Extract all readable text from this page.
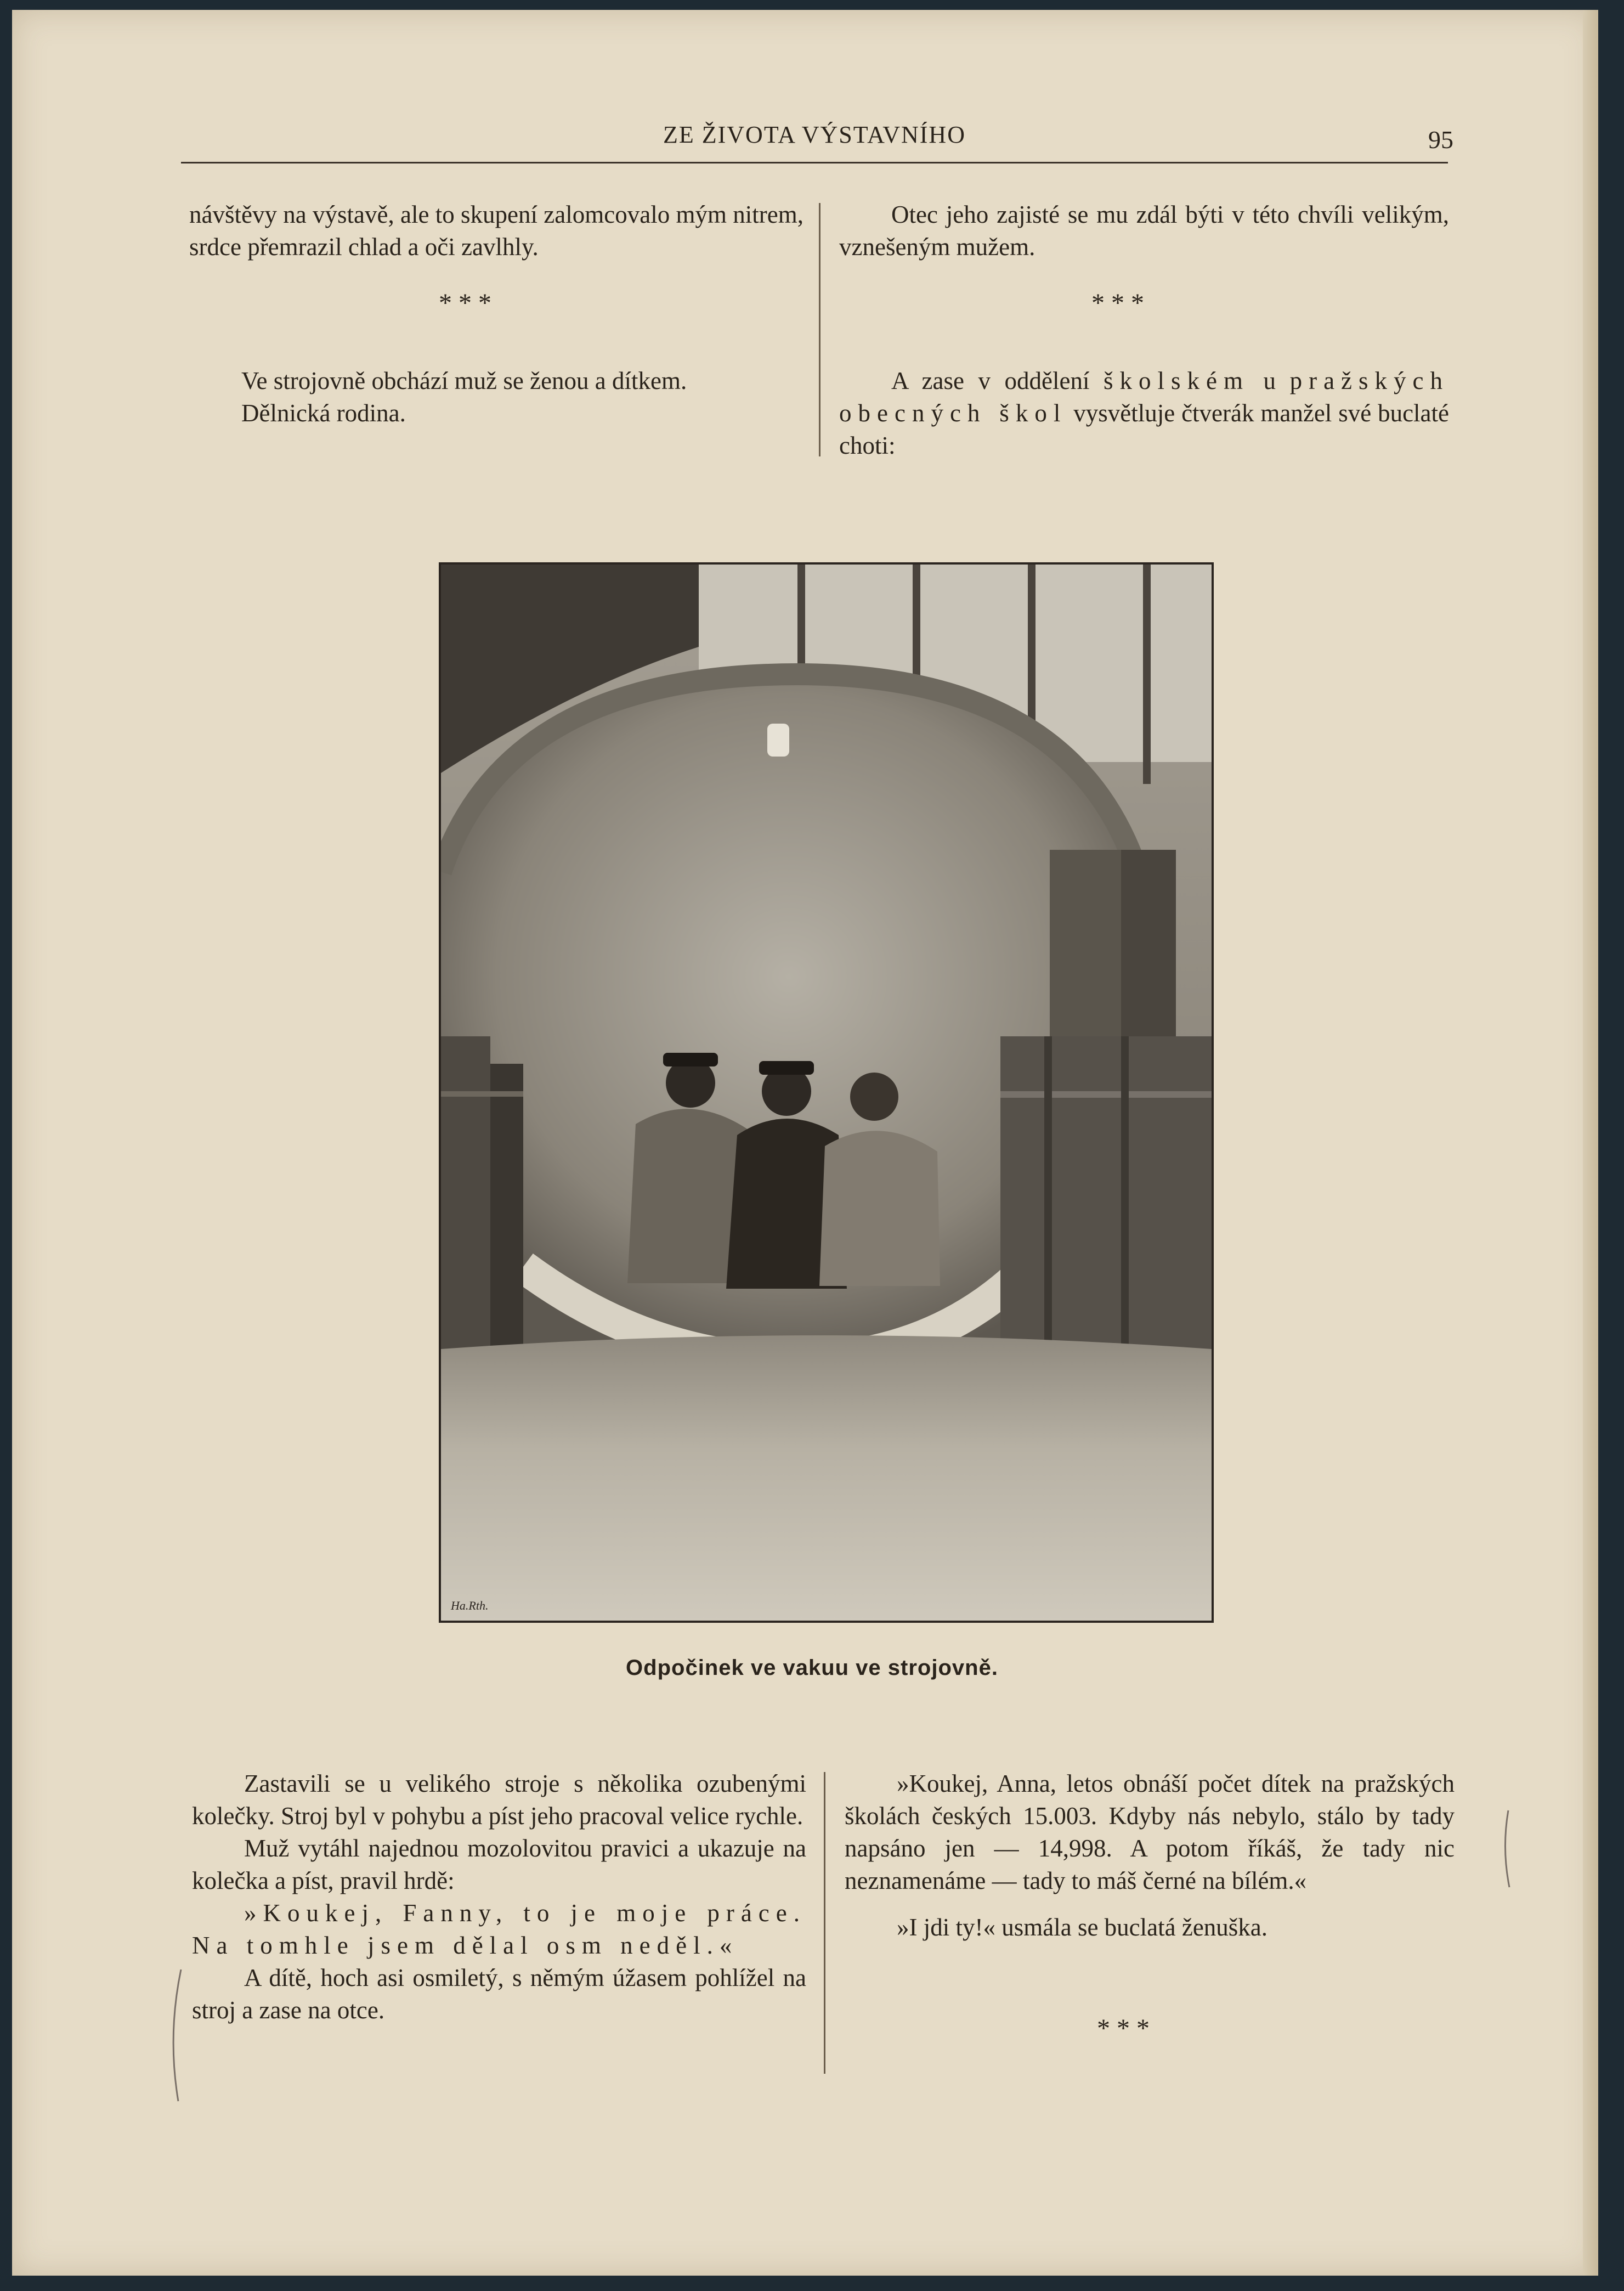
ZE ŽIVOTA VÝSTAVNÍHO	95

návštěvy na výstavě, ale to skupení zalomcovalo mým nitrem, srdce přemrazil chlad a oči zavlhly.

* * *

Ve strojovně obchází muž se ženou a dítkem.

Dělnická rodina.

Otec jeho zajisté se mu zdál býti v této chvíli velikým, vznešeným mužem.

* * *

A zase v oddělení školském u pražských obecných škol vysvětluje čtverák manžel své buclaté choti:

Ha.Rth.
Odpočinek ve vakuu ve strojovně.

Zastavili se u velikého stroje s několika ozubenými kolečky. Stroj byl v pohybu a píst jeho pracoval velice rychle.

Muž vytáhl najednou mozolovitou pravici a ukazuje na kolečka a píst, pravil hrdě:

»Koukej, Fanny, to je moje práce. Na tomhle jsem dělal osm neděl.«

A dítě, hoch asi osmiletý, s němým úžasem pohlížel na stroj a zase na otce.

»Koukej, Anna, letos obnáší počet dítek na pražských školách českých 15.003. Kdyby nás nebylo, stálo by tady napsáno jen — 14,998. A potom říkáš, že tady nic neznamenáme — tady to máš černé na bílém.«

»I jdi ty!« usmála se buclatá ženuška.

* * *
